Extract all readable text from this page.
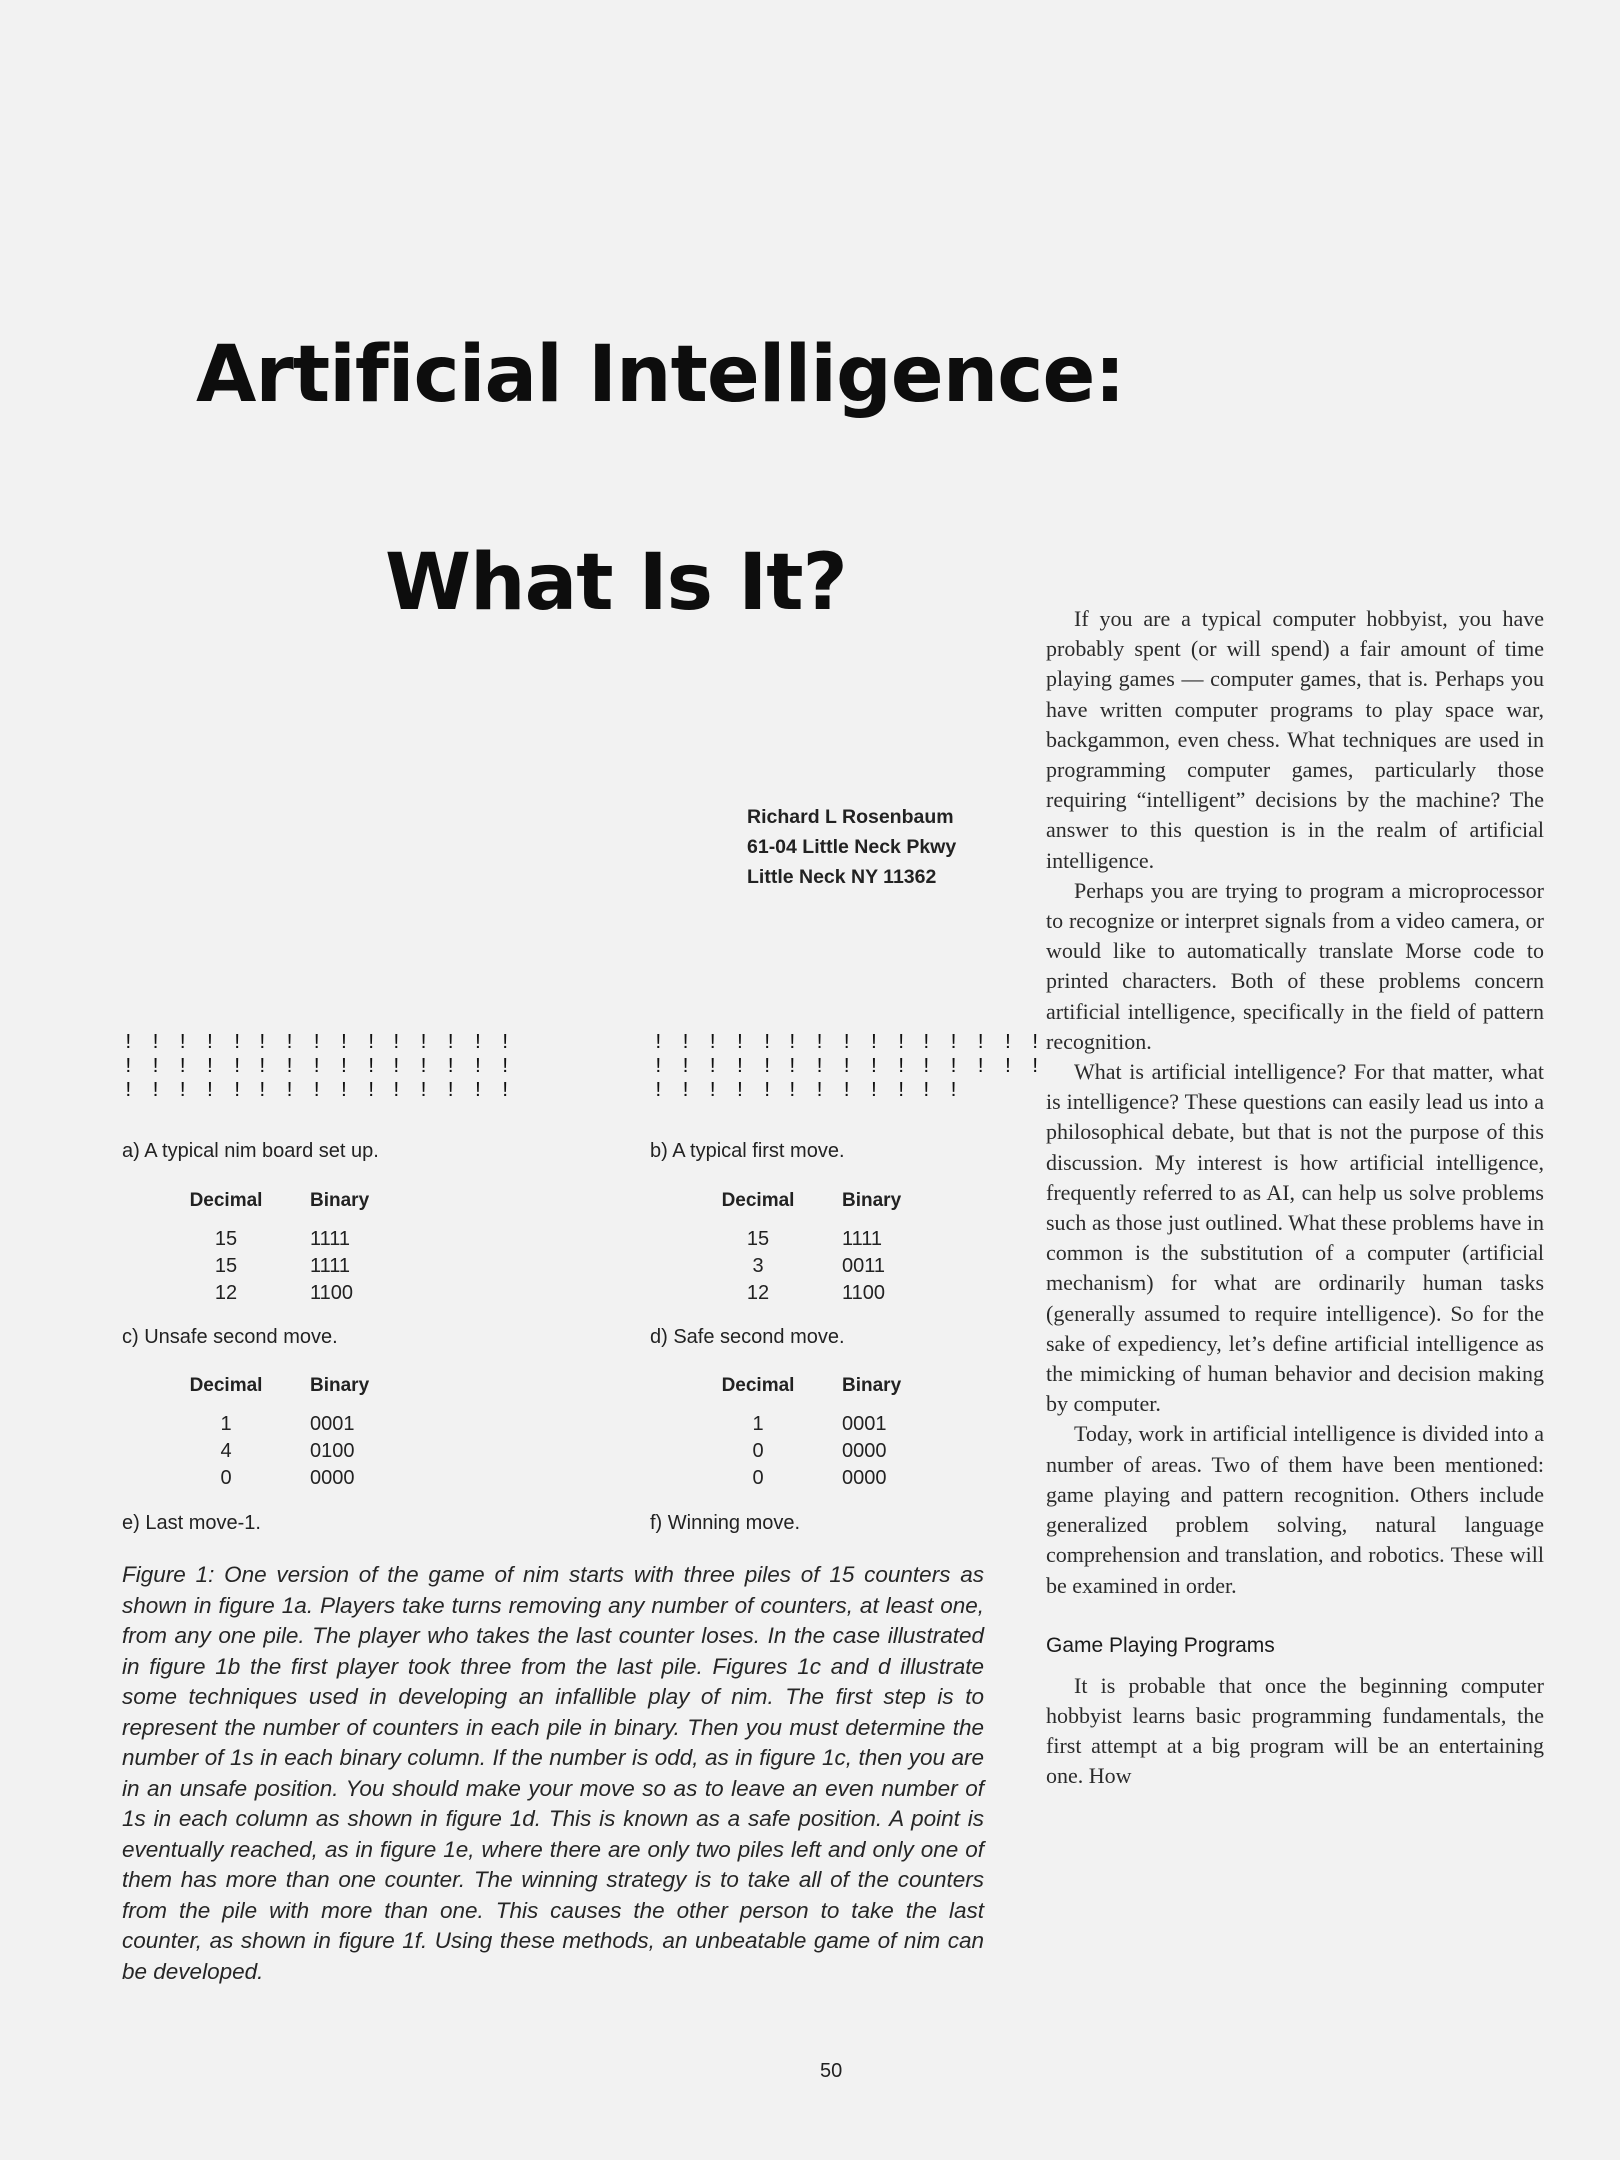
Artificial Intelligence:
What Is It?
Richard L Rosenbaum
61-04 Little Neck Pkwy
Little Neck NY 11362
! ! ! ! ! ! ! ! ! ! ! ! ! ! !
! ! ! ! ! ! ! ! ! ! ! ! ! ! !
! ! ! ! ! ! ! ! ! ! ! ! ! ! !
a) A typical nim board set up.
! ! ! ! ! ! ! ! ! ! ! ! ! ! !
! ! ! ! ! ! ! ! ! ! ! ! ! ! !
! ! ! ! ! ! ! ! ! ! ! !
b) A typical first move.
Decimal	Binary
15	1111
15	1111
12	1100
c) Unsafe second move.
Decimal	Binary
15	1111
3	0011
12	1100
d) Safe second move.
Decimal	Binary
1	0001
4	0100
0	0000
e) Last move-1.
Decimal	Binary
1	0001
0	0000
0	0000
f) Winning move.

Figure 1: One version of the game of nim starts with three piles of 15 counters as shown in figure 1a. Players take turns removing any number of counters, at least one, from any one pile. The player who takes the last counter loses. In the case illustrated in figure 1b the first player took three from the last pile. Figures 1c and d illustrate some techniques used in developing an infallible play of nim. The first step is to represent the number of counters in each pile in binary. Then you must determine the number of 1s in each binary column. If the number is odd, as in figure 1c, then you are in an unsafe position. You should make your move so as to leave an even number of 1s in each column as shown in figure 1d. This is known as a safe position. A point is eventually reached, as in figure 1e, where there are only two piles left and only one of them has more than one counter. The winning strategy is to take all of the counters from the pile with more than one. This causes the other person to take the last counter, as shown in figure 1f. Using these methods, an unbeatable game of nim can be developed.

If you are a typical computer hobbyist, you have probably spent (or will spend) a fair amount of time playing games — computer games, that is. Perhaps you have written computer programs to play space war, backgammon, even chess. What techniques are used in programming computer games, particularly those requiring “intelligent” decisions by the machine? The answer to this question is in the realm of artificial intelligence.

Perhaps you are trying to program a microprocessor to recognize or interpret signals from a video camera, or would like to automatically translate Morse code to printed characters. Both of these problems concern artificial intelligence, specifically in the field of pattern recognition.

What is artificial intelligence? For that matter, what is intelligence? These questions can easily lead us into a philosophical debate, but that is not the purpose of this discussion. My interest is how artificial intelligence, frequently referred to as AI, can help us solve problems such as those just outlined. What these problems have in common is the substitution of a computer (artificial mechanism) for what are ordinarily human tasks (generally assumed to require intelligence). So for the sake of expediency, let’s define artificial intelligence as the mimicking of human behavior and decision making by computer.

Today, work in artificial intelligence is divided into a number of areas. Two of them have been mentioned: game playing and pattern recognition. Others include generalized problem solving, natural language comprehension and translation, and robotics. These will be examined in order.

Game Playing Programs

It is probable that once the beginning computer hobbyist learns basic programming fundamentals, the first attempt at a big program will be an entertaining one. How

50
